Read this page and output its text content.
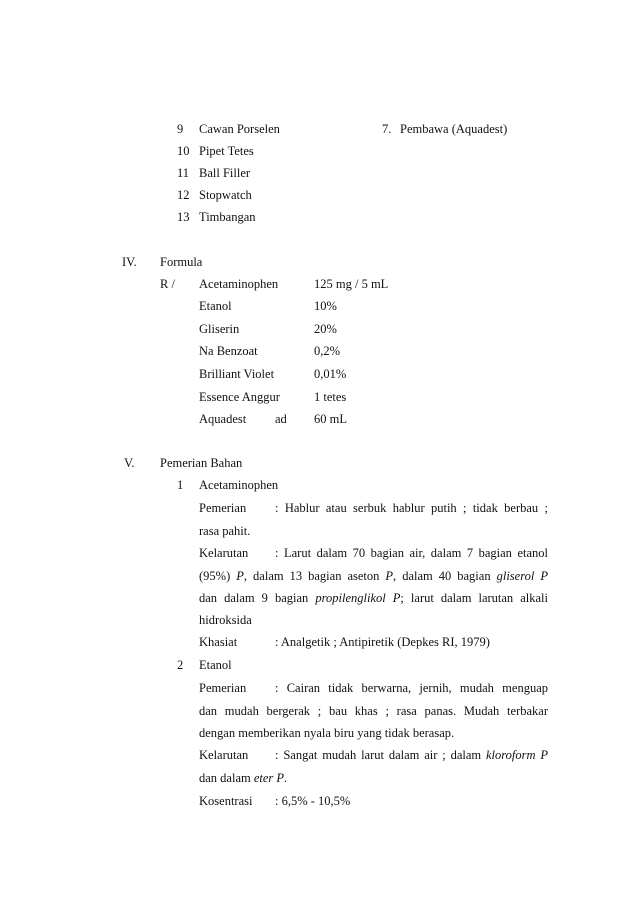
9 Cawan Porselen	7. Pembawa (Aquadest)
10 Pipet Tetes
11 Ball Filler
12 Stopwatch
13 Timbangan
IV. Formula
R / Acetaminophen	125 mg / 5 mL
Etanol	10%
Gliserin	20%
Na Benzoat	0,2%
Brilliant Violet	0,01%
Essence Anggur	1 tetes
Aquadest ad 60 mL
V. Pemerian Bahan
1 Acetaminophen
Pemerian : Hablur atau serbuk hablur putih ; tidak berbau ;
rasa pahit.
Kelarutan : Larut dalam 70 bagian air, dalam 7 bagian etanol
(95%) P, dalam 13 bagian aseton P, dalam 40 bagian gliserol P
dan dalam 9 bagian propilenglikol P; larut dalam larutan alkali
hidroksida
Khasiat	: Analgetik ; Antipiretik (Depkes RI, 1979)
2 Etanol
Pemerian : Cairan tidak berwarna, jernih, mudah menguap
dan mudah bergerak ; bau khas ; rasa panas. Mudah terbakar
dengan memberikan nyala biru yang tidak berasap.
Kelarutan : Sangat mudah larut dalam air ; dalam kloroform P
dan dalam eter P.
Kosentrasi : 6,5% - 10,5%
